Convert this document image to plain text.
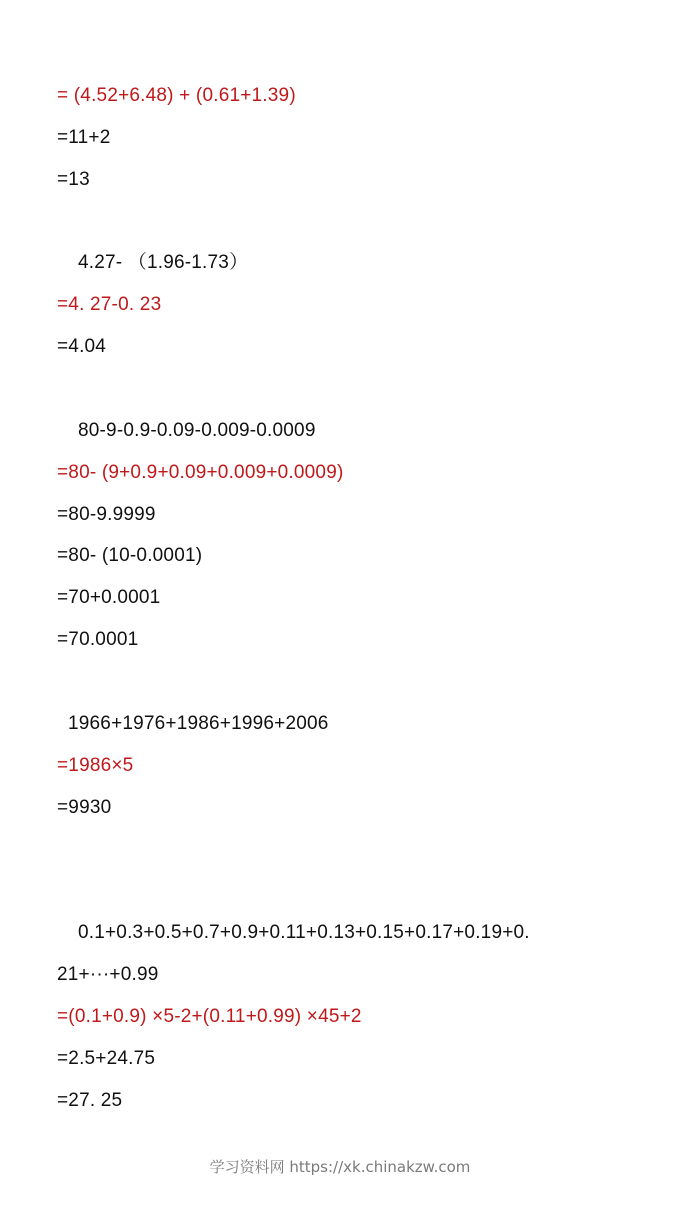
= (4.52+6.48) + (0.61+1.39)
=11+2
=13
4.27- （1.96-1.73）
=4. 27-0. 23
=4.04
80-9-0.9-0.09-0.009-0.0009
=80- (9+0.9+0.09+0.009+0.0009)
=80-9.9999
=80- (10-0.0001)
=70+0.0001
=70.0001
1966+1976+1986+1996+2006
=1986×5
=9930
0.1+0.3+0.5+0.7+0.9+0.11+0.13+0.15+0.17+0.19+0.
21+···+0.99
=(0.1+0.9) ×5-2+(0.11+0.99) ×45+2
=2.5+24.75
=27. 25
学习资料网 https://xk.chinakzw.com
